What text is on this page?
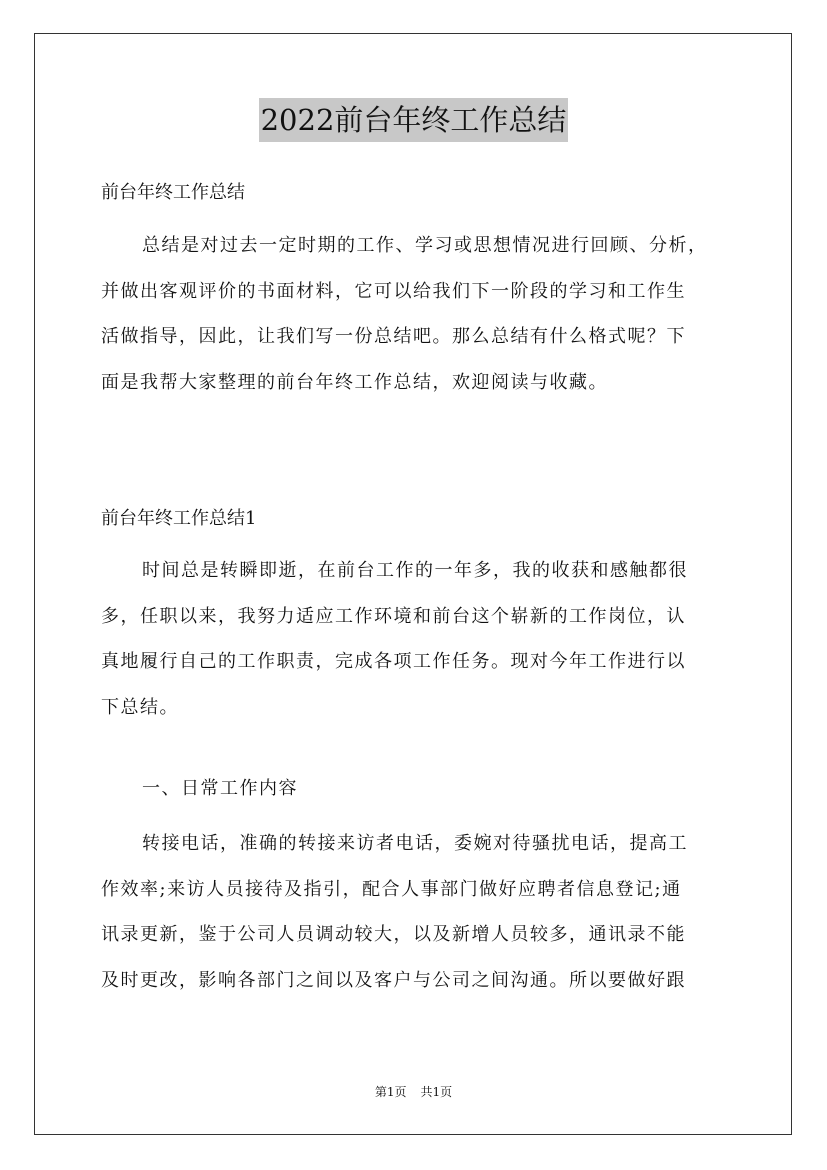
2022前台年终工作总结
前台年终工作总结
总结是对过去一定时期的工作、学习或思想情况进行回顾、分析，
并做出客观评价的书面材料，它可以给我们下一阶段的学习和工作生
活做指导，因此，让我们写一份总结吧。那么总结有什么格式呢？下
面是我帮大家整理的前台年终工作总结，欢迎阅读与收藏。
前台年终工作总结1
时间总是转瞬即逝，在前台工作的一年多，我的收获和感触都很
多，任职以来，我努力适应工作环境和前台这个崭新的工作岗位，认
真地履行自己的工作职责，完成各项工作任务。现对今年工作进行以
下总结。
一、日常工作内容
转接电话，准确的转接来访者电话，委婉对待骚扰电话，提高工
作效率;来访人员接待及指引，配合人事部门做好应聘者信息登记;通
讯录更新，鉴于公司人员调动较大，以及新增人员较多，通讯录不能
及时更改，影响各部门之间以及客户与公司之间沟通。所以要做好跟
第1页 共1页
